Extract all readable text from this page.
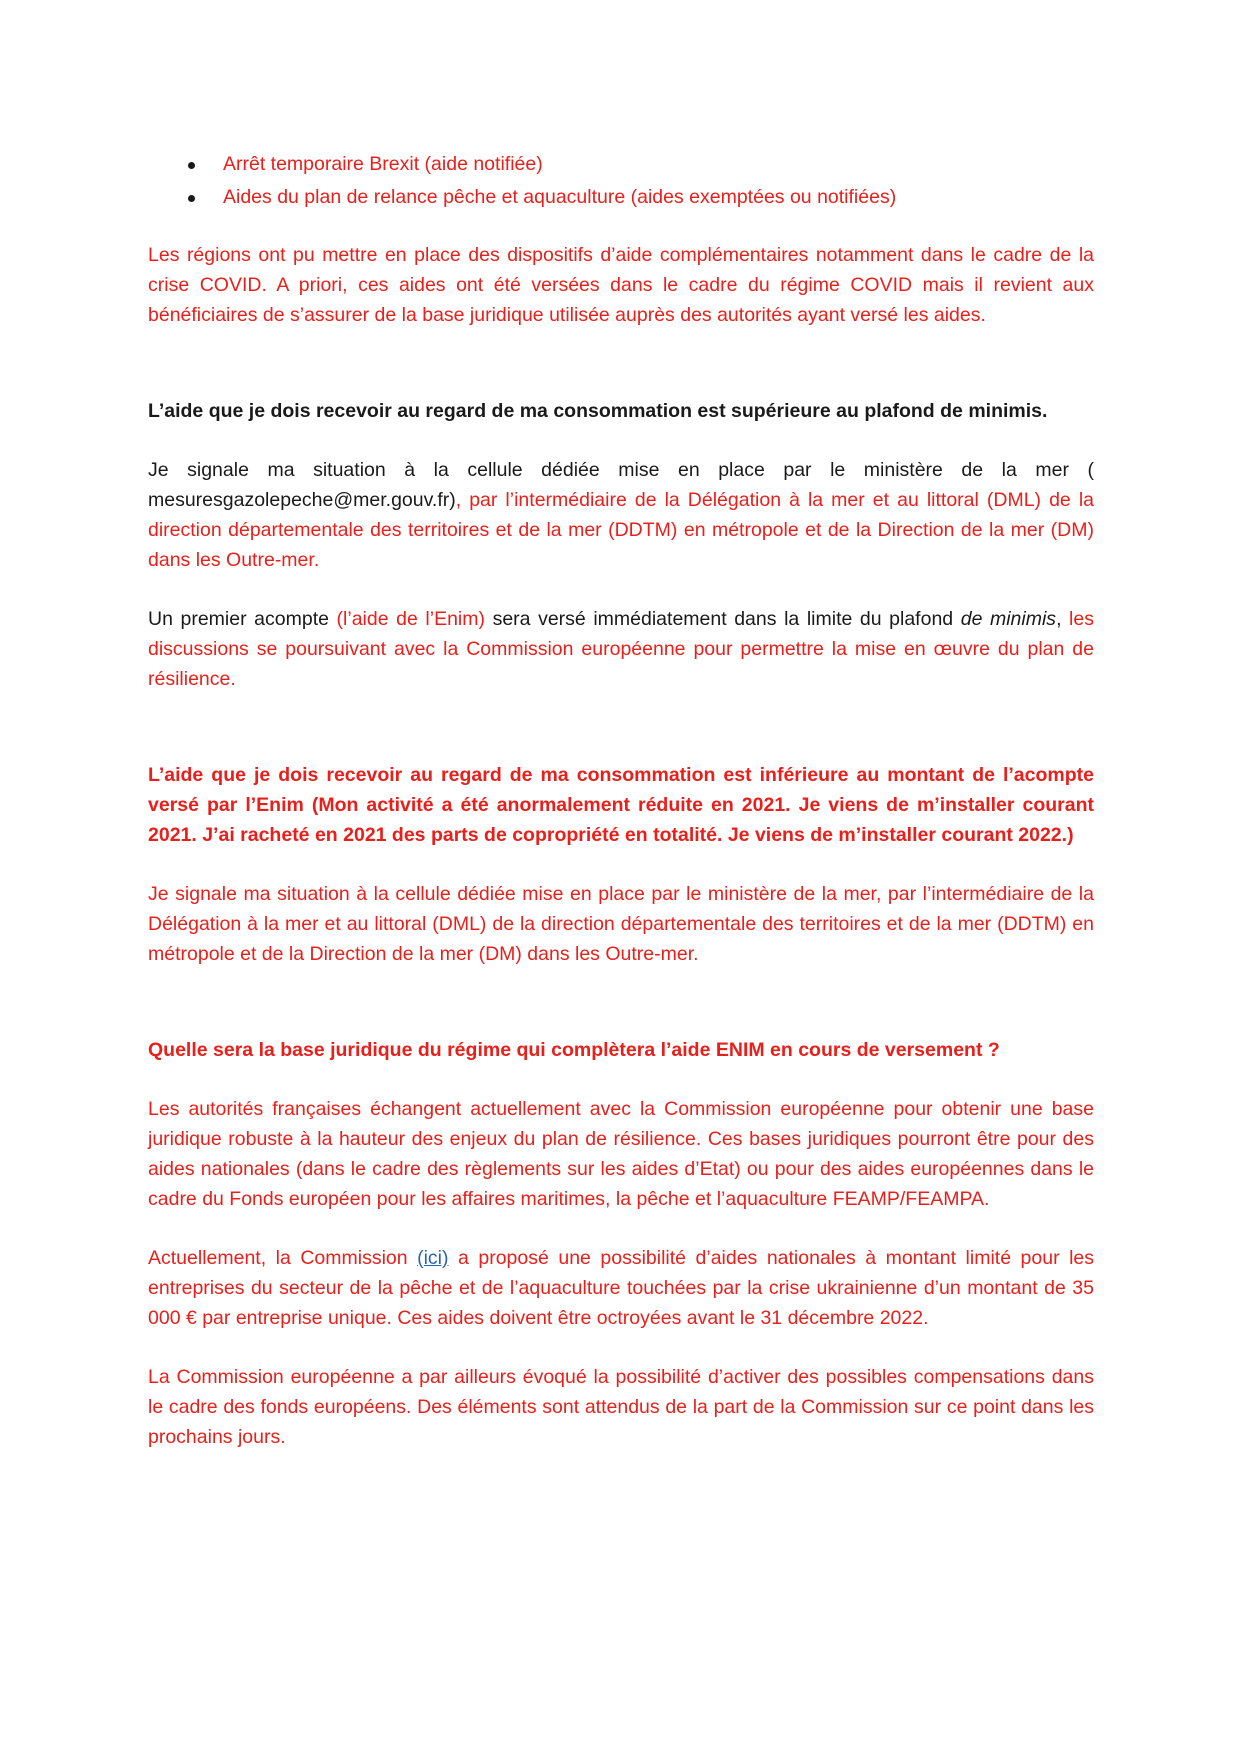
Arrêt temporaire Brexit (aide notifiée)
Aides du plan de relance pêche et aquaculture (aides exemptées ou notifiées)

Les régions ont pu mettre en place des dispositifs d’aide complémentaires notamment dans le cadre de la crise COVID. A priori, ces aides ont été versées dans le cadre du régime COVID mais il revient aux bénéficiaires de s’assurer de la base juridique utilisée auprès des autorités ayant versé les aides.

L’aide que je dois recevoir au regard de ma consommation est supérieure au plafond de minimis.

Je signale ma situation à la cellule dédiée mise en place par le ministère de la mer ( mesuresgazolepeche@mer.gouv.fr), par l’intermédiaire de la Délégation à la mer et au littoral (DML) de la direction départementale des territoires et de la mer (DDTM) en métropole et de la Direction de la mer (DM) dans les Outre-mer.

Un premier acompte (l’aide de l’Enim) sera versé immédiatement dans la limite du plafond de minimis, les discussions se poursuivant avec la Commission européenne pour permettre la mise en œuvre du plan de résilience.

L’aide que je dois recevoir au regard de ma consommation est inférieure au montant de l’acompte versé par l’Enim (Mon activité a été anormalement réduite en 2021. Je viens de m’installer courant 2021. J’ai racheté en 2021 des parts de copropriété en totalité. Je viens de m’installer courant 2022.)

Je signale ma situation à la cellule dédiée mise en place par le ministère de la mer, par l’intermédiaire de la Délégation à la mer et au littoral (DML) de la direction départementale des territoires et de la mer (DDTM) en métropole et de la Direction de la mer (DM) dans les Outre-mer.

Quelle sera la base juridique du régime qui complètera l’aide ENIM en cours de versement ?

Les autorités françaises échangent actuellement avec la Commission européenne pour obtenir une base juridique robuste à la hauteur des enjeux du plan de résilience. Ces bases juridiques pourront être pour des aides nationales (dans le cadre des règlements sur les aides d’Etat) ou pour des aides européennes dans le cadre du Fonds européen pour les affaires maritimes, la pêche et l’aquaculture FEAMP/FEAMPA.

Actuellement, la Commission (ici) a proposé une possibilité d’aides nationales à montant limité pour les entreprises du secteur de la pêche et de l’aquaculture touchées par la crise ukrainienne d’un montant de 35 000 € par entreprise unique. Ces aides doivent être octroyées avant le 31 décembre 2022.

La Commission européenne a par ailleurs évoqué la possibilité d’activer des possibles compensations dans le cadre des fonds européens. Des éléments sont attendus de la part de la Commission sur ce point dans les prochains jours.
